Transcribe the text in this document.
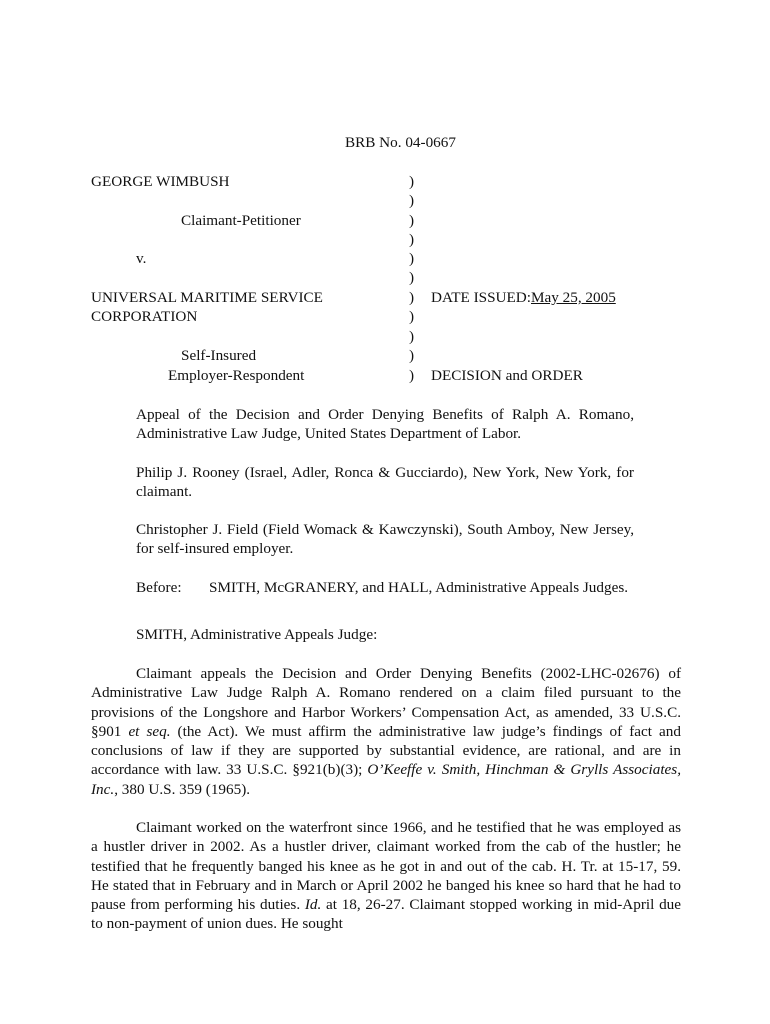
BRB No. 04-0667
GEORGE WIMBUSH
Claimant-Petitioner
v.
UNIVERSAL MARITIME SERVICE
CORPORATION
Self-Insured
Employer-Respondent
)
)
)
)
)
)
)
)
)
)
)
DATE ISSUED:May 25, 2005
DECISION and ORDER
Appeal of the Decision and Order Denying Benefits of Ralph A. Romano, Administrative Law Judge, United States Department of Labor.
Philip J. Rooney (Israel, Adler, Ronca & Gucciardo), New York, New York, for claimant.
Christopher J. Field (Field Womack & Kawczynski), South Amboy, New Jersey, for self-insured employer.
Before: SMITH, McGRANERY, and HALL, Administrative Appeals Judges.
SMITH, Administrative Appeals Judge:
Claimant appeals the Decision and Order Denying Benefits (2002-LHC-02676) of Administrative Law Judge Ralph A. Romano rendered on a claim filed pursuant to the provisions of the Longshore and Harbor Workers’ Compensation Act, as amended, 33 U.S.C. §901 et seq. (the Act). We must affirm the administrative law judge’s findings of fact and conclusions of law if they are supported by substantial evidence, are rational, and are in accordance with law. 33 U.S.C. §921(b)(3); O’Keeffe v. Smith, Hinchman & Grylls Associates, Inc., 380 U.S. 359 (1965).
Claimant worked on the waterfront since 1966, and he testified that he was employed as a hustler driver in 2002. As a hustler driver, claimant worked from the cab of the hustler; he testified that he frequently banged his knee as he got in and out of the cab. H. Tr. at 15-17, 59. He stated that in February and in March or April 2002 he banged his knee so hard that he had to pause from performing his duties. Id. at 18, 26-27. Claimant stopped working in mid-April due to non-payment of union dues. He sought
